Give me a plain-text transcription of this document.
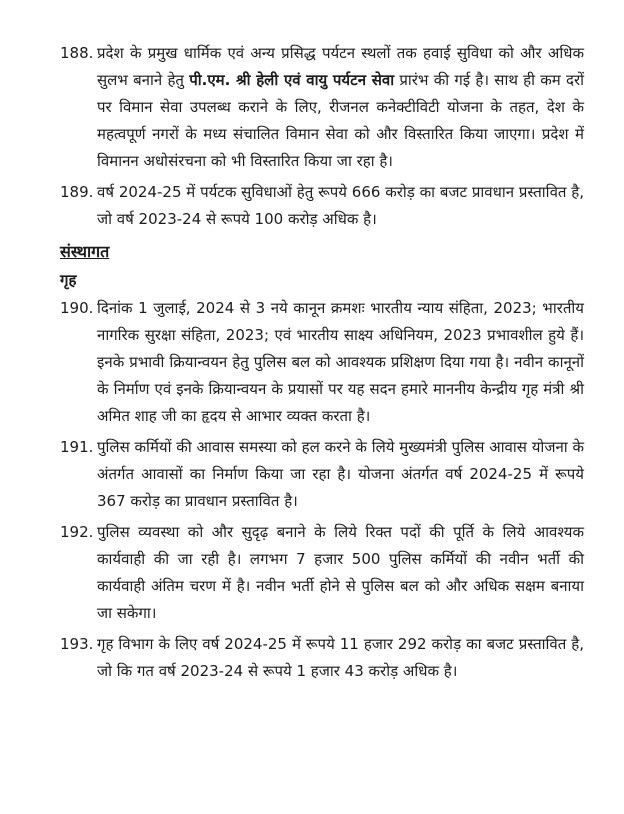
188. प्रदेश के प्रमुख धार्मिक एवं अन्य प्रसिद्ध पर्यटन स्थलों तक हवाई सुविधा को और अधिक सुलभ बनाने हेतु पी.एम. श्री हेली एवं वायु पर्यटन सेवा प्रारंभ की गई है। साथ ही कम दरों पर विमान सेवा उपलब्ध कराने के लिए, रीजनल कनेक्टीविटी योजना के तहत, देश के महत्वपूर्ण नगरों के मध्य संचालित विमान सेवा को और विस्तारित किया जाएगा। प्रदेश में विमानन अधोसंरचना को भी विस्तारित किया जा रहा है।
189. वर्ष 2024-25 में पर्यटक सुविधाओं हेतु रूपये 666 करोड़ का बजट प्रावधान प्रस्तावित है, जो वर्ष 2023-24 से रूपये 100 करोड़ अधिक है।
संस्थागत
गृह
190. दिनांक 1 जुलाई, 2024 से 3 नये कानून क्रमशः भारतीय न्याय संहिता, 2023; भारतीय नागरिक सुरक्षा संहिता, 2023; एवं भारतीय साक्ष्य अधिनियम, 2023 प्रभावशील हुये हैं। इनके प्रभावी क्रियान्वयन हेतु पुलिस बल को आवश्यक प्रशिक्षण दिया गया है। नवीन कानूनों के निर्माण एवं इनके क्रियान्वयन के प्रयासों पर यह सदन हमारे माननीय केन्द्रीय गृह मंत्री श्री अमित शाह जी का हृदय से आभार व्यक्त करता है।
191. पुलिस कर्मियों की आवास समस्या को हल करने के लिये मुख्यमंत्री पुलिस आवास योजना के अंतर्गत आवासों का निर्माण किया जा रहा है। योजना अंतर्गत वर्ष 2024-25 में रूपये 367 करोड़ का प्रावधान प्रस्तावित है।
192. पुलिस व्यवस्था को और सुदृढ़ बनाने के लिये रिक्त पदों की पूर्ति के लिये आवश्यक कार्यवाही की जा रही है। लगभग 7 हजार 500 पुलिस कर्मियों की नवीन भर्ती की कार्यवाही अंतिम चरण में है। नवीन भर्ती होने से पुलिस बल को और अधिक सक्षम बनाया जा सकेगा।
193. गृह विभाग के लिए वर्ष 2024-25 में रूपये 11 हजार 292 करोड़ का बजट प्रस्तावित है, जो कि गत वर्ष 2023-24 से रूपये 1 हजार 43 करोड़ अधिक है।
